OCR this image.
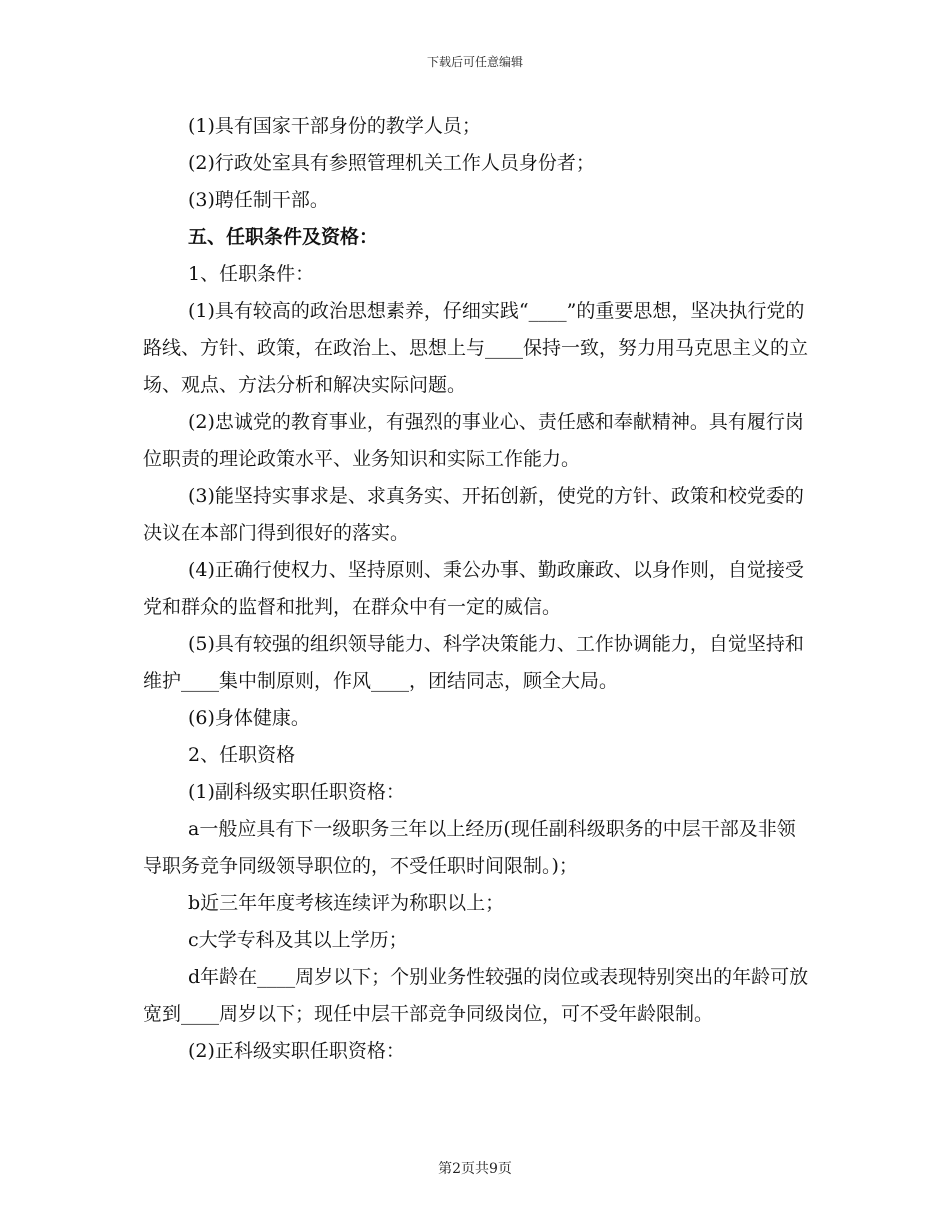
下载后可任意编辑

(1)具有国家干部身份的教学人员；

(2)行政处室具有参照管理机关工作人员身份者；

(3)聘任制干部。

五、任职条件及资格：

1、任职条件：

(1)具有较高的政治思想素养，仔细实践“____”的重要思想，坚决执行党的路线、方针、政策，在政治上、思想上与____保持一致，努力用马克思主义的立场、观点、方法分析和解决实际问题。

(2)忠诚党的教育事业，有强烈的事业心、责任感和奉献精神。具有履行岗位职责的理论政策水平、业务知识和实际工作能力。

(3)能坚持实事求是、求真务实、开拓创新，使党的方针、政策和校党委的决议在本部门得到很好的落实。

(4)正确行使权力、坚持原则、秉公办事、勤政廉政、以身作则，自觉接受党和群众的监督和批判，在群众中有一定的威信。

(5)具有较强的组织领导能力、科学决策能力、工作协调能力，自觉坚持和维护____集中制原则，作风____，团结同志，顾全大局。

(6)身体健康。

2、任职资格

(1)副科级实职任职资格：

a一般应具有下一级职务三年以上经历(现任副科级职务的中层干部及非领导职务竞争同级领导职位的，不受任职时间限制。)；

b近三年年度考核连续评为称职以上；

c大学专科及其以上学历；

d年龄在____周岁以下；个别业务性较强的岗位或表现特别突出的年龄可放宽到____周岁以下；现任中层干部竞争同级岗位，可不受年龄限制。

(2)正科级实职任职资格：

第2页共9页
